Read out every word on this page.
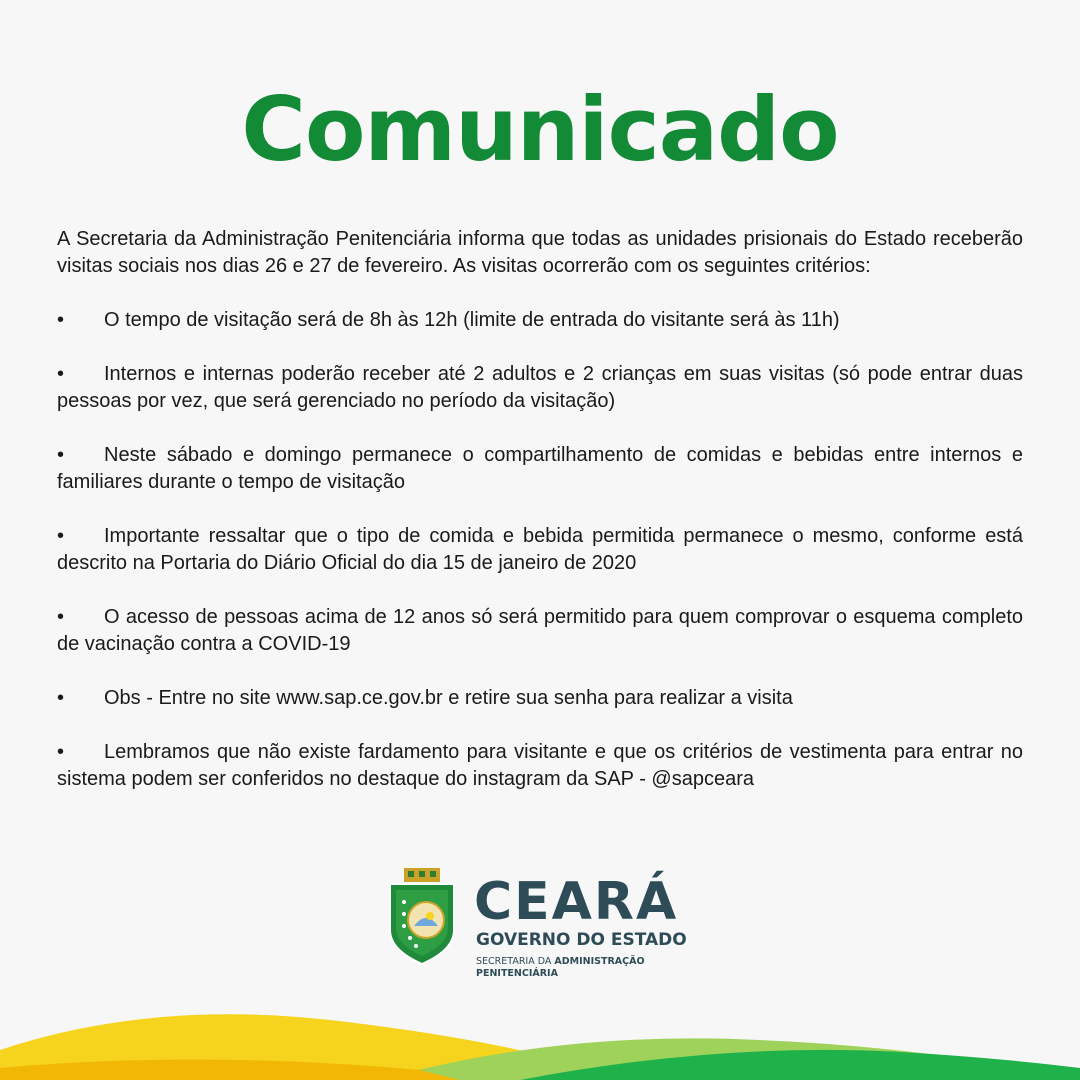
Comunicado

A Secretaria da Administração Penitenciária informa que todas as unidades prisionais do Estado receberão visitas sociais nos dias 26 e 27 de fevereiro. As visitas ocorrerão com os seguintes critérios:

• O tempo de visitação será de 8h às 12h (limite de entrada do visitante será às 11h)

• Internos e internas poderão receber até 2 adultos e 2 crianças em suas visitas (só pode entrar duas pessoas por vez, que será gerenciado no período da visitação)

• Neste sábado e domingo permanece o compartilhamento de comidas e bebidas entre internos e familiares durante o tempo de visitação

• Importante ressaltar que o tipo de comida e bebida permitida permanece o mesmo, conforme está descrito na Portaria do Diário Oficial do dia 15 de janeiro de 2020

• O acesso de pessoas acima de 12 anos só será permitido para quem comprovar o esquema completo de vacinação contra a COVID-19

• Obs - Entre no site www.sap.ce.gov.br e retire sua senha para realizar a visita

• Lembramos que não existe fardamento para visitante e que os critérios de vestimenta para entrar no sistema podem ser conferidos no destaque do instagram da SAP - @sapceara

CEARÁ
GOVERNO DO ESTADO
SECRETARIA DA ADMINISTRAÇÃO
PENITENCIÁRIA
